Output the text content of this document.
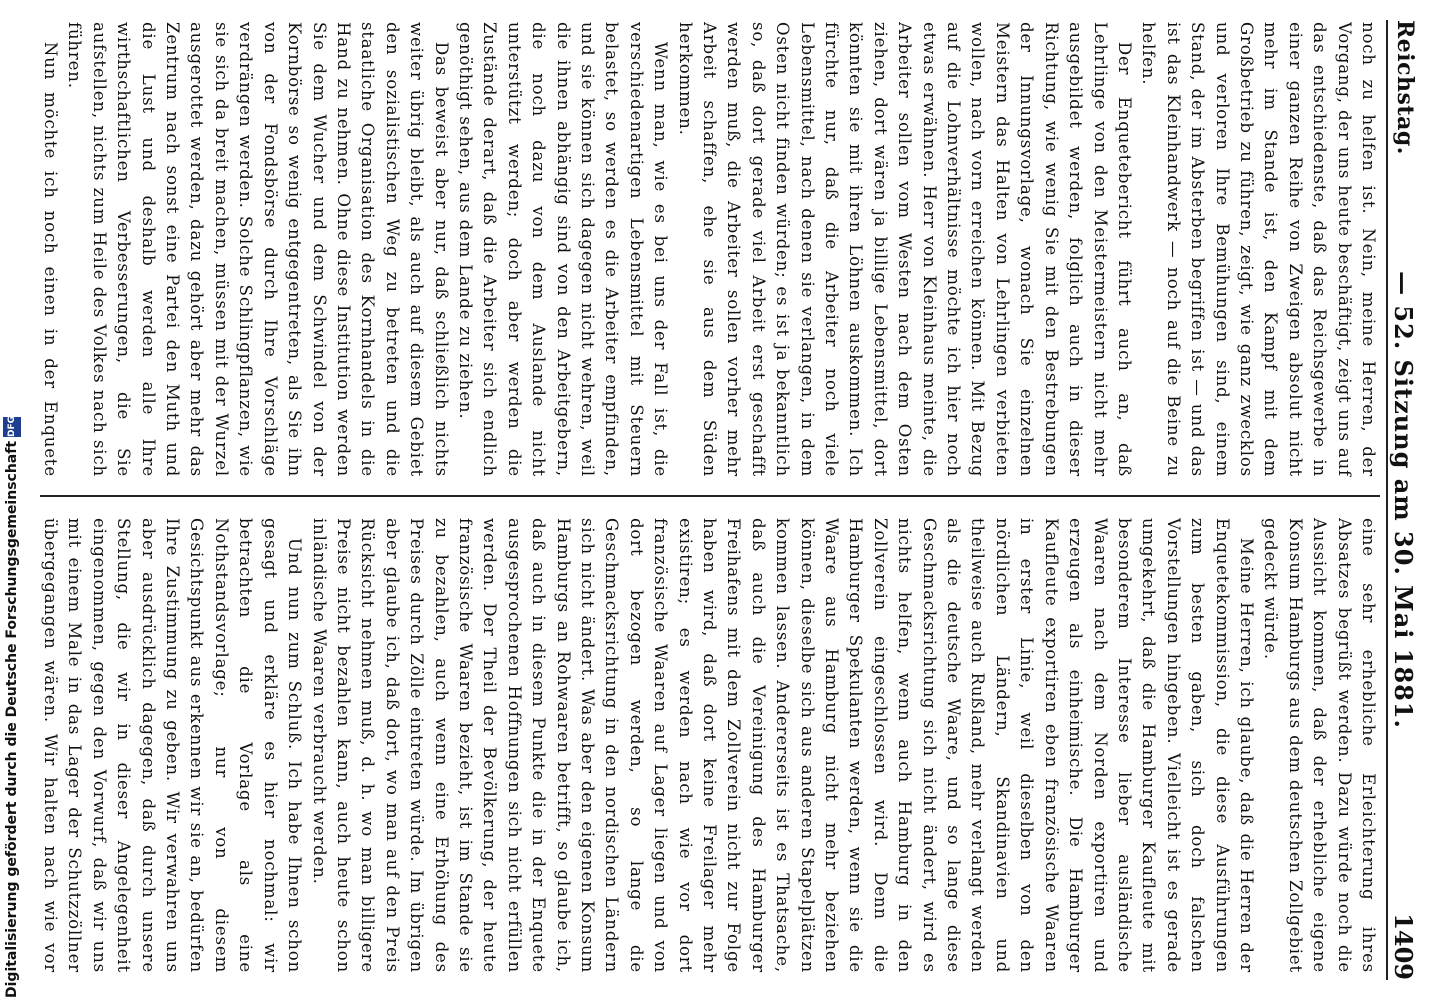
Reichstag.
— 52. Sitzung am 30. Mai 1881.
1409

noch zu helfen ist. Nein, meine Herren, der Vorgang, der uns heute beschäftigt, zeigt uns auf das entschiedenste, daß das Reichsgewerbe in einer ganzen Reihe von Zweigen absolut nicht mehr im Stande ist, den Kampf mit dem Großbetrieb zu führen, zeigt, wie ganz zwecklos und verloren Ihre Bemühungen sind, einem Stand, der im Absterben begriffen ist — und das ist das Kleinhandwerk — noch auf die Beine zu helfen.

Der Enquetebericht führt auch an, daß Lehrlinge von den Meistermeistern nicht mehr ausgebildet werden, folglich auch in dieser Richtung, wie wenig Sie mit den Bestrebungen der Innungsvorlage, wonach Sie einzelnen Meistern das Halten von Lehrlingen verbieten wollen, nach vorn erreichen können. Mit Bezug auf die Lohnverhältnisse möchte ich hier noch etwas erwähnen. Herr von Kleinhaus meinte, die Arbeiter sollen vom Westen nach dem Osten ziehen, dort wären ja billige Lebensmittel, dort könnten sie mit ihren Löhnen auskommen. Ich fürchte nur, daß die Arbeiter noch viele Lebensmittel, nach denen sie verlangen, in dem Osten nicht finden würden; es ist ja bekanntlich so, daß dort gerade viel Arbeit erst geschafft werden muß, die Arbeiter sollen vorher mehr Arbeit schaffen, ehe sie aus dem Süden herkommen.

Wenn man, wie es bei uns der Fall ist, die verschiedenartigen Lebensmittel mit Steuern belastet, so werden es die Arbeiter empfinden, und sie können sich dagegen nicht wehren, weil die ihnen abhängig sind von den Arbeitgebern, die noch dazu von dem Auslande nicht unterstützt werden; doch aber werden die Zustände derart, daß die Arbeiter sich endlich genöthigt sehen, aus dem Lande zu ziehen.

Das beweist aber nur, daß schließlich nichts weiter übrig bleibt, als auch auf diesem Gebiet den sozialistischen Weg zu betreten und die staatliche Organisation des Kornhandels in die Hand zu nehmen. Ohne diese Institution werden Sie dem Wucher und dem Schwindel von der Kornbörse so wenig entgegentreten, als Sie ihn von der Fondsbörse durch Ihre Vorschläge verdrängen werden. Solche Schlingpflanzen, wie sie sich da breit machen, müssen mit der Wurzel ausgerottet werden, dazu gehört aber mehr das Zentrum nach sonst eine Partei den Muth und die Lust und deshalb werden alle Ihre wirthschaftlichen Verbesserungen, die Sie aufstellen, nichts zum Heile des Volkes nach sich führen.

Nun möchte ich noch einen in der Enquete

eine sehr erhebliche Erleichterung ihres Absatzes begrüßt werden. Dazu würde noch die Aussicht kommen, daß der erhebliche eigene Konsum Hamburgs aus dem deutschen Zollgebiet gedeckt würde.

Meine Herren, ich glaube, daß die Herren der Enquetekommission, die diese Ausführungen zum besten gaben, sich doch falschen Vorstellungen hingeben. Vielleicht ist es gerade umgekehrt, daß die Hamburger Kaufleute mit besonderem Interesse lieber ausländische Waaren nach dem Norden exportiren und erzeugen als einheimische. Die Hamburger Kaufleute exportiren eben französische Waaren in erster Linie, weil dieselben von den nördlichen Ländern, Skandinavien und theilweise auch Rußland, mehr verlangt werden als die deutsche Waare, und so lange diese Geschmacksrichtung sich nicht ändert, wird es nichts helfen, wenn auch Hamburg in den Zollverein eingeschlossen wird. Denn die Hamburger Spekulanten werden, wenn sie die Waare aus Hamburg nicht mehr beziehen können, dieselbe sich aus anderen Stapelplätzen kommen lassen. Andererseits ist es Thatsache, daß auch die Vereinigung des Hamburger Freihafens mit dem Zollverein nicht zur Folge haben wird, daß dort keine Freilager mehr existiren; es werden nach wie vor dort französische Waaren auf Lager liegen und von dort bezogen werden, so lange die Geschmacksrichtung in den nordischen Ländern sich nicht ändert. Was aber den eigenen Konsum Hamburgs an Rohwaaren betrifft, so glaube ich, daß auch in diesem Punkte die in der Enquete ausgesprochenen Hoffnungen sich nicht erfüllen werden. Der Theil der Bevölkerung, der heute französische Waaren bezieht, ist im Stande sie zu bezahlen, auch wenn eine Erhöhung des Preises durch Zölle eintreten würde. Im übrigen aber glaube ich, daß dort, wo man auf den Preis Rücksicht nehmen muß, d. h. wo man billigere Preise nicht bezahlen kann, auch heute schon inländische Waaren verbraucht werden.

Und nun zum Schluß. Ich habe Ihnen schon gesagt und erkläre es hier nochmal: wir betrachten die Vorlage als eine Nothstandsvorlage; nur von diesem Gesichtspunkt aus erkennen wir sie an, bedürfen Ihre Zustimmung zu geben. Wir verwahren uns aber ausdrücklich dagegen, daß durch unsere Stellung, die wir in dieser Angelegenheit eingenommen, gegen den Vorwurf, daß wir uns mit einem Male in das Lager der Schutzzöllner übergegangen wären. Wir halten nach wie vor

Digitalisierung gefördert durch die Deutsche Forschungsgemeinschaft
DFG
